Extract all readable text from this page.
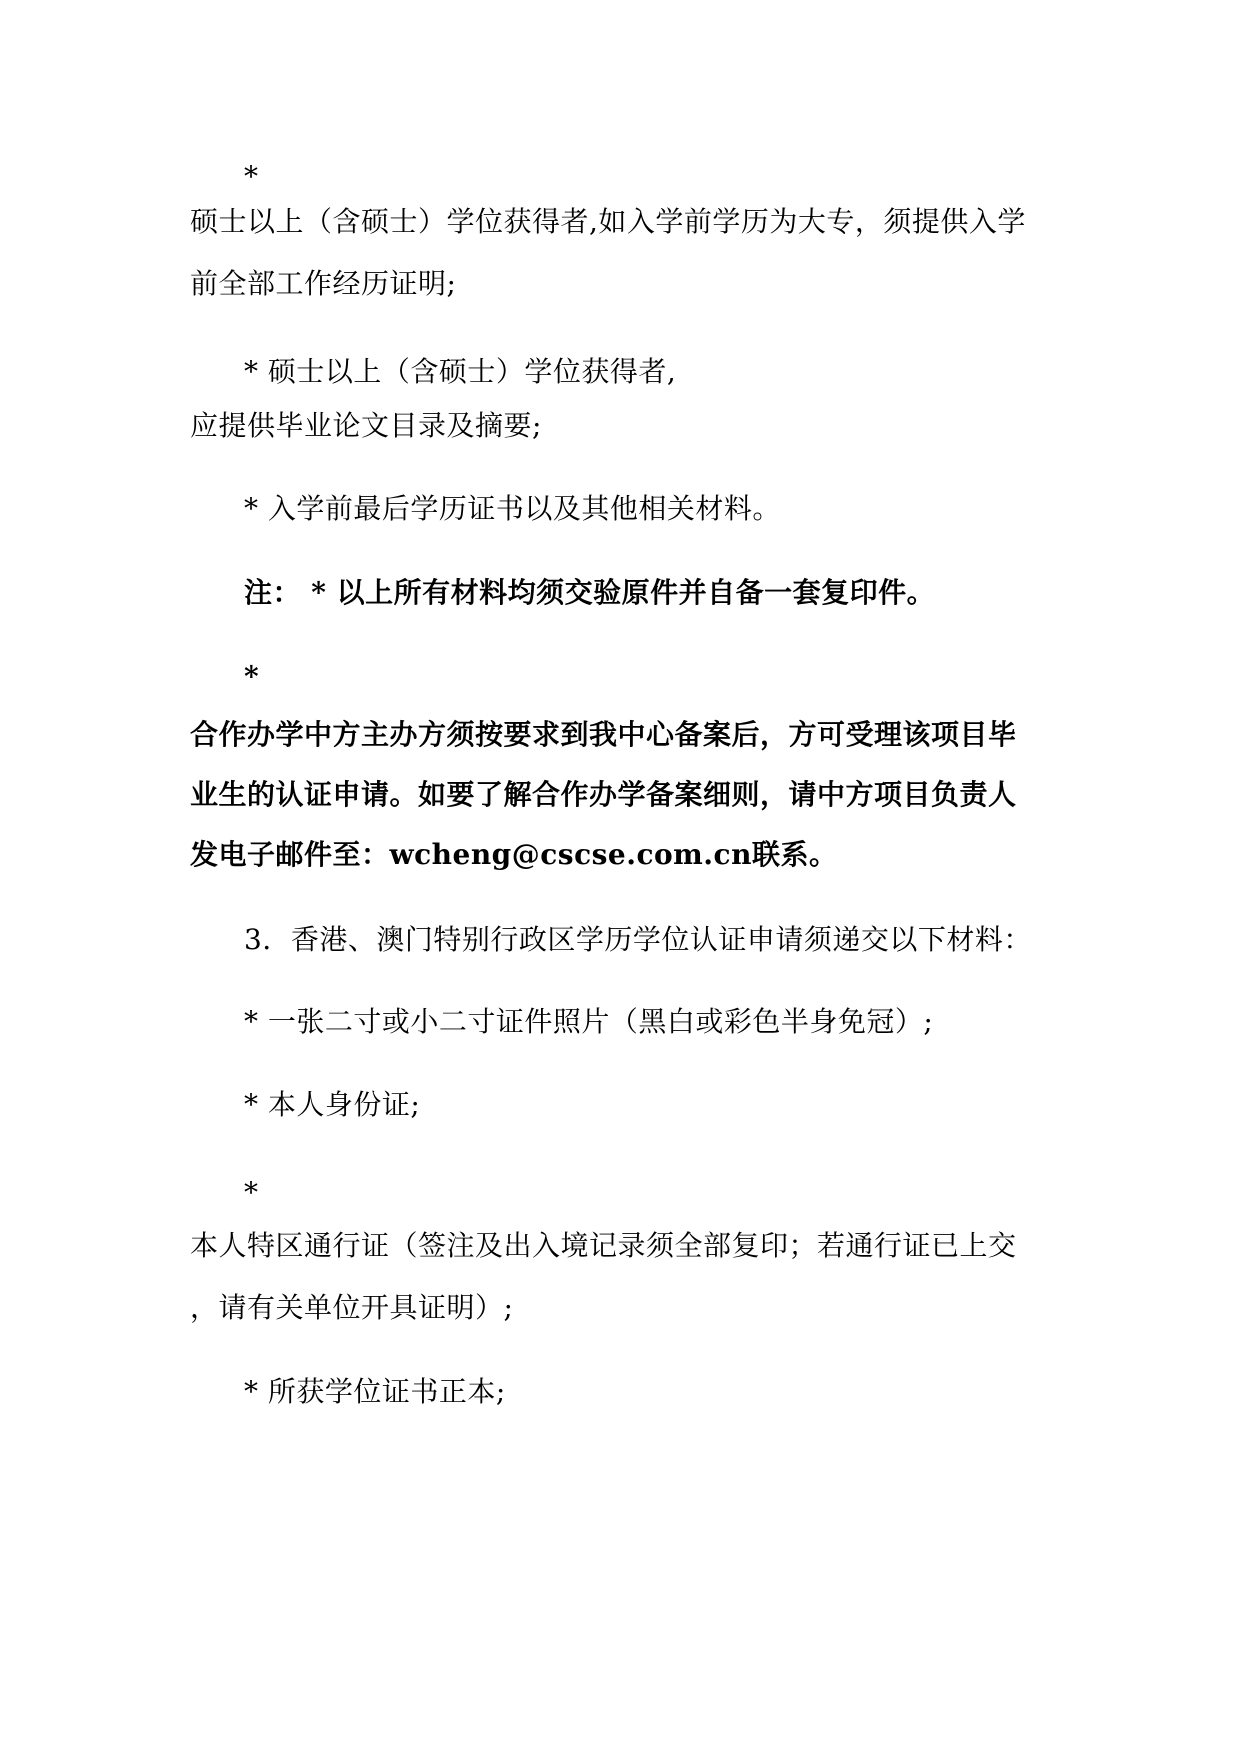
*
硕士以上（含硕士）学位获得者,如入学前学历为大专，须提供入学
前全部工作经历证明;
* 硕士以上（含硕士）学位获得者,
应提供毕业论文目录及摘要;
* 入学前最后学历证书以及其他相关材料。
注： * 以上所有材料均须交验原件并自备一套复印件。
*
合作办学中方主办方须按要求到我中心备案后，方可受理该项目毕
业生的认证申请。如要了解合作办学备案细则，请中方项目负责人
发电子邮件至：wcheng@cscse.com.cn联系。
3．香港、澳门特别行政区学历学位认证申请须递交以下材料：
* 一张二寸或小二寸证件照片（黑白或彩色半身免冠）;
* 本人身份证;
*
本人特区通行证（签注及出入境记录须全部复印；若通行证已上交
，请有关单位开具证明）;
* 所获学位证书正本;
